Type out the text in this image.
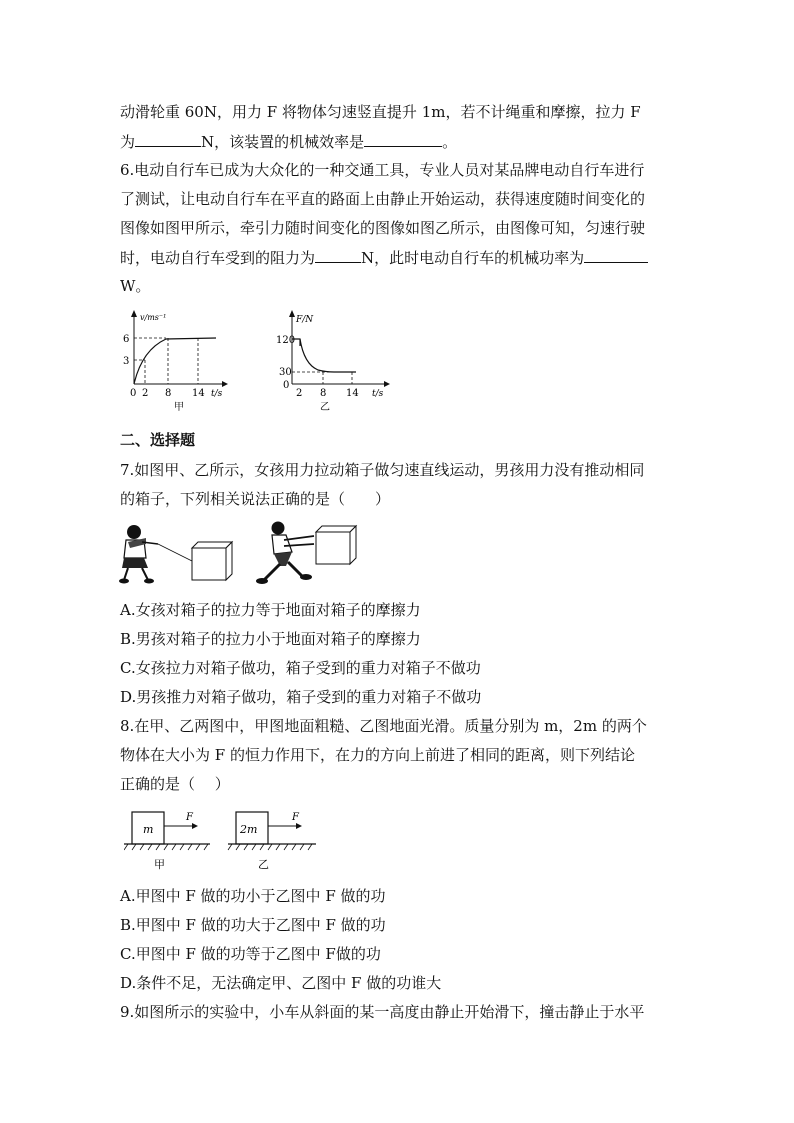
动滑轮重 60N，用力 F 将物体匀速竖直提升 1m，若不计绳重和摩擦，拉力 F
为	N，该装置的机械效率是	。
6.电动自行车已成为大众化的一种交通工具，专业人员对某品牌电动自行车进行
了测试，让电动自行车在平直的路面上由静止开始运动，获得速度随时间变化的
图像如图甲所示，牵引力随时间变化的图像如图乙所示，由图像可知，匀速行驶
时，电动自行车受到的阻力为	N，此时电动自行车的机械功率为
W。
v/ms⁻¹
t/s
6
3
0 2 8 14
甲
F/N
t/s
120
30
0
2 8 14
乙
二、选择题
7.如图甲、乙所示，女孩用力拉动箱子做匀速直线运动，男孩用力没有推动相同
的箱子，下列相关说法正确的是（　　）
A.女孩对箱子的拉力等于地面对箱子的摩擦力
B.男孩对箱子的拉力小于地面对箱子的摩擦力
C.女孩拉力对箱子做功，箱子受到的重力对箱子不做功
D.男孩推力对箱子做功，箱子受到的重力对箱子不做功
8.在甲、乙两图中，甲图地面粗糙、乙图地面光滑。质量分别为 m，2m 的两个
物体在大小为 F 的恒力作用下，在力的方向上前进了相同的距离，则下列结论
正确的是（　 ）
m
F
甲
2m
F
乙
A.甲图中 F 做的功小于乙图中 F 做的功
B.甲图中 F 做的功大于乙图中 F 做的功
C.甲图中 F 做的功等于乙图中 F做的功
D.条件不足，无法确定甲、乙图中 F 做的功谁大
9.如图所示的实验中，小车从斜面的某一高度由静止开始滑下，撞击静止于水平
